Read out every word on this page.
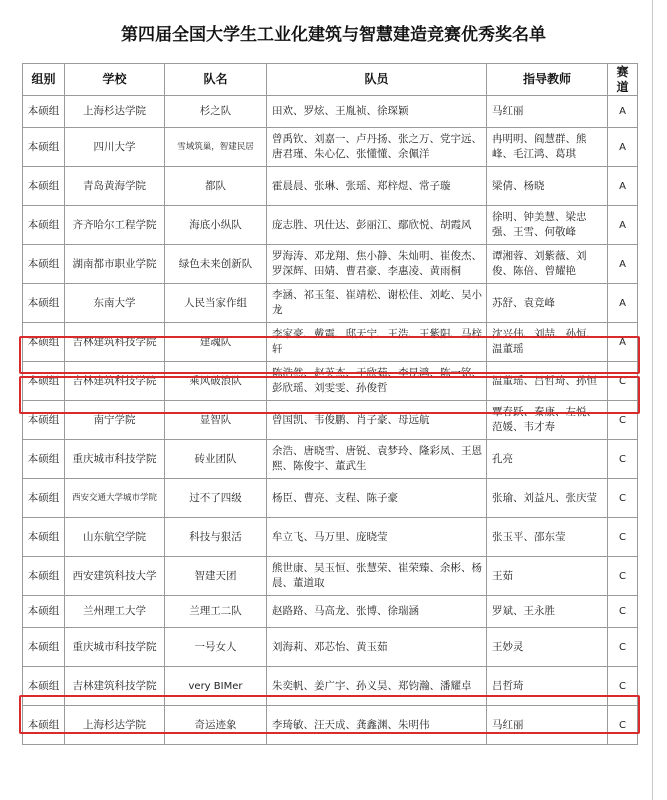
第四届全国大学生工业化建筑与智慧建造竞赛优秀奖名单
组别	学校	队名	队员	指导教师	赛道
本硕组	上海杉达学院	杉之队	田欢、罗炫、王胤祯、徐琛颖	马红丽	A
本硕组	四川大学	雪域筑巢，智建民居	曾禹钦、刘嘉一、卢丹扬、张之万、党宇远、唐君瑾、朱心亿、张懂懂、余佩洋	冉明明、阎慧群、熊峰、毛江鸿、葛琪	A
本硕组	青岛黄海学院	都队	霍晨晨、张琳、张瑶、郑梓煜、常子璇	梁倩、杨晓	A
本硕组	齐齐哈尔工程学院	海底小纵队	庞志胜、巩仕达、彭丽江、鄢欣悦、胡霞风	徐明、钟美慧、梁忠强、王雪、何敬峰	A
本硕组	湖南都市职业学院	绿色未来创新队	罗海涛、邓龙翔、焦小静、朱灿明、崔俊杰、罗深辉、田婧、曹君豪、李惠凌、黄雨桐	谭湘蓉、刘紫薇、刘俊、陈倍、曾耀艳	A
本硕组	东南大学	人民当家作组	李涵、祁玉玺、崔靖松、谢松佳、刘屹、吴小龙	苏舒、袁竞峰	A
本硕组	吉林建筑科技学院	建魂队	李家豪、戴震、邸天宁、王浩、王紫阳、马梓轩	沈兴伟、刘喆、孙恒、温董瑶	A
本硕组	吉林建筑科技学院	乘风破浪队	陈浩然、赵英杰、于欣茹、李昆鸿、陈一铭、彭欣瑶、刘雯雯、孙俊哲	温董瑶、吕哲琦、孙恒	C
本硕组	南宁学院	显智队	曾国凯、韦俊鹏、肖子豪、母远航	覃春跃、秦康、左悦、范媛、韦才寿	C
本硕组	重庆城市科技学院	砖业团队	余浩、唐晓雪、唐锐、袁梦玲、隆彩凤、王恩熙、陈俊宇、董武生	孔亮	C
本硕组	西安交通大学城市学院	过不了四级	杨臣、曹亮、支程、陈子豪	张瑜、刘益凡、张庆莹	C
本硕组	山东航空学院	科技与狠活	牟立飞、马万里、庞晓莹	张玉平、邵东莹	C
本硕组	西安建筑科技大学	智建天团	熊世康、吴玉恒、张慧荣、崔荣臻、余彬、杨晨、董道取	王茹	C
本硕组	兰州理工大学	兰理工二队	赵路路、马高龙、张博、徐瑞涵	罗斌、王永胜	C
本硕组	重庆城市科技学院	一号女人	刘海莉、邓芯怡、黄玉茹	王妙灵	C
本硕组	吉林建筑科技学院	very BIMer	朱奕帆、姜广宇、孙义昊、郑钧瀚、潘耀卓	吕哲琦	C
本硕组	上海杉达学院	奇运迹象	李琦敏、汪天成、龚鑫渊、朱明伟	马红丽	C
